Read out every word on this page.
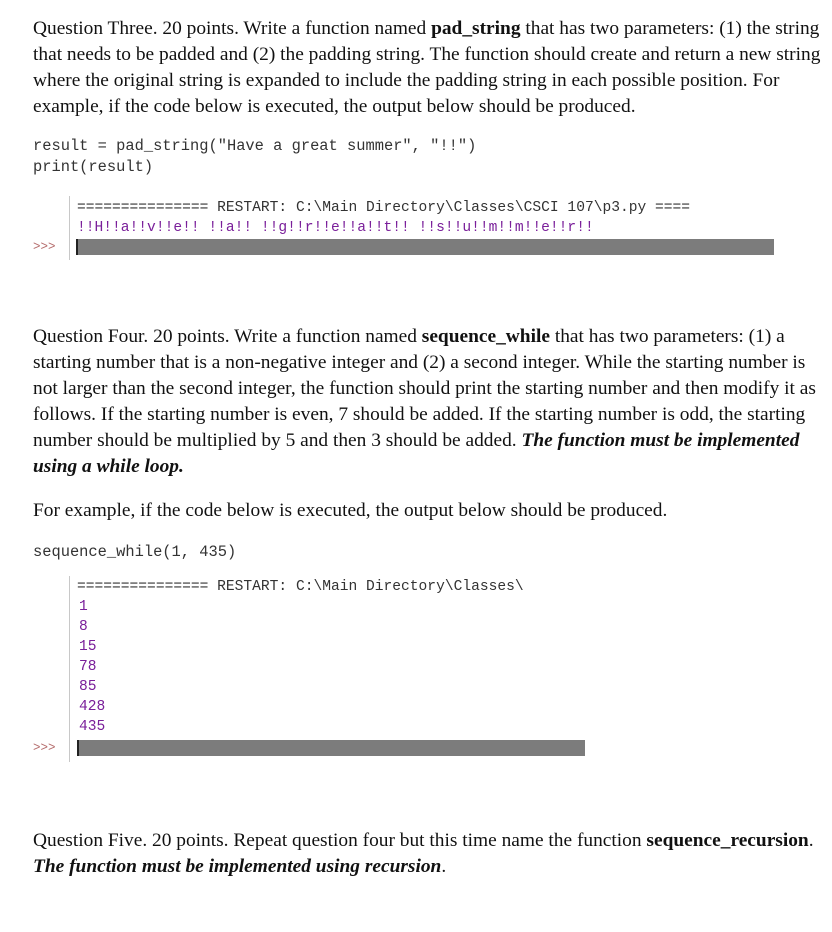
Question Three. 20 points. Write a function named pad_string that has two parameters: (1) the string that needs to be padded and (2) the padding string. The function should create and return a new string where the original string is expanded to include the padding string in each possible position. For example, if the code below is executed, the output below should be produced.

result = pad_string("Have a great summer", "!!")
print(result)
=============== RESTART: C:\Main Directory\Classes\CSCI 107\p3.py ====
!!H!!a!!v!!e!! !!a!! !!g!!r!!e!!a!!t!! !!s!!u!!m!!m!!e!!r!!
>>>

Question Four. 20 points. Write a function named sequence_while that has two parameters: (1) a starting number that is a non-negative integer and (2) a second integer. While the starting number is not larger than the second integer, the function should print the starting number and then modify it as follows. If the starting number is even, 7 should be added. If the starting number is odd, the starting number should be multiplied by 5 and then 3 should be added. The function must be implemented using a while loop.

For example, if the code below is executed, the output below should be produced.

sequence_while(1, 435)
=============== RESTART: C:\Main Directory\Classes\
1
8
15
78
85
428
435
>>>

Question Five. 20 points. Repeat question four but this time name the function sequence_recursion. The function must be implemented using recursion.
